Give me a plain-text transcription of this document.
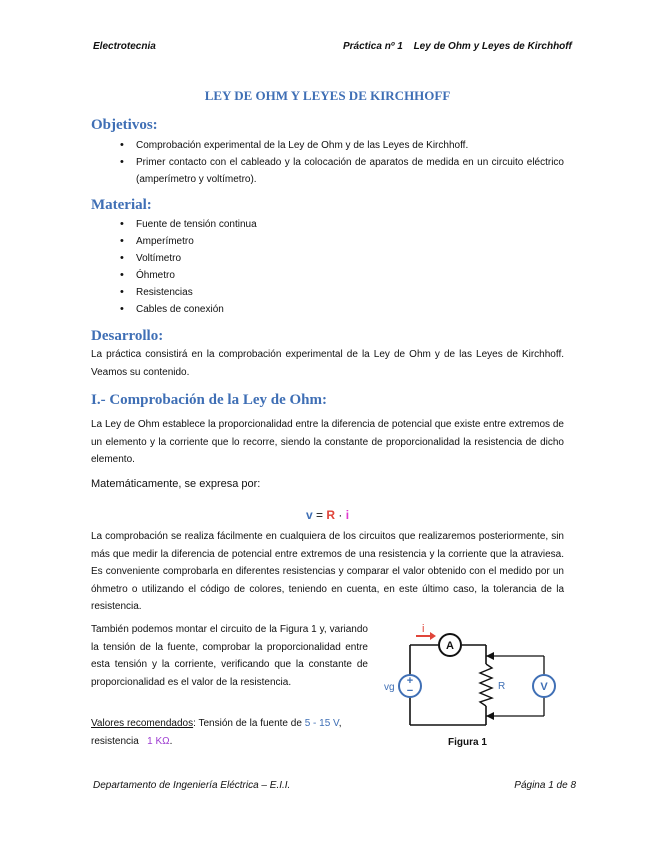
Electrotecnia	Práctica nº 1 Ley de Ohm y Leyes de Kirchhoff
LEY DE OHM Y LEYES DE KIRCHHOFF
Objetivos:
• Comprobación experimental de la Ley de Ohm y de las Leyes de Kirchhoff.
• Primer contacto con el cableado y la colocación de aparatos de medida en un circuito eléctrico (amperímetro y voltímetro).
Material:
• Fuente de tensión continua
• Amperímetro
• Voltímetro
• Óhmetro
• Resistencias
• Cables de conexión
Desarrollo:
La práctica consistirá en la comprobación experimental de la Ley de Ohm y de las Leyes de Kirchhoff. Veamos su contenido.
I.- Comprobación de la Ley de Ohm:
La Ley de Ohm establece la proporcionalidad entre la diferencia de potencial que existe entre extremos de un elemento y la corriente que lo recorre, siendo la constante de proporcionalidad la resistencia de dicho elemento.
Matemáticamente, se expresa por:
v = R · i
La comprobación se realiza fácilmente en cualquiera de los circuitos que realizaremos posteriormente, sin más que medir la diferencia de potencial entre extremos de una resistencia y la corriente que la atraviesa. Es conveniente comprobarla en diferentes resistencias y comparar el valor obtenido con el medido por un óhmetro o utilizando el código de colores, teniendo en cuenta, en este último caso, la tolerancia de la resistencia.
También podemos montar el circuito de la Figura 1 y, variando la tensión de la fuente, comprobar la proporcionalidad entre esta tensión y la corriente, verificando que la constante de proporcionalidad es el valor de la resistencia.
Valores recomendados: Tensión de la fuente de 5 - 15 V,
resistencia 1 KΩ.
+
−
vg
A
i
R	V
Figura 1
Departamento de Ingeniería Eléctrica – E.I.I.	Página 1 de 8
